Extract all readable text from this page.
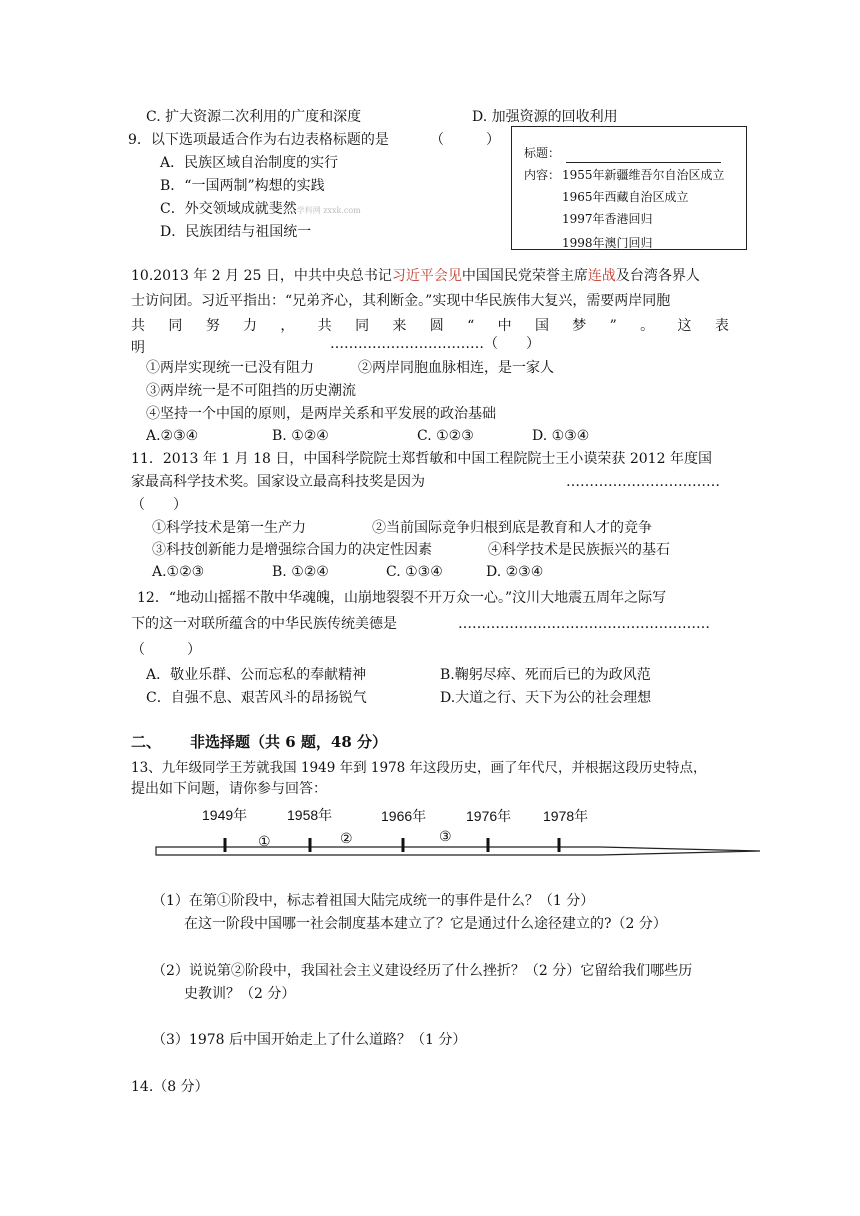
C. 扩大资源二次利用的广度和深度	D. 加强资源的回收利用
9．以下选项最适合作为右边表格标题的是	（　　　）
A．民族区域自治制度的实行
B．“一国两制”构想的实践
C．外交领域成就斐然学科网 zxxk.com
D．民族团结与祖国统一
标题：
内容： 1955年新疆维吾尔自治区成立
1965年西藏自治区成立
1997年香港回归
1998年澳门回归
10.2013 年 2 月 25 日，中共中央总书记习近平会见中国国民党荣誉主席连战及台湾各界人
士访问团。习近平指出：“兄弟齐心，其利断金。”实现中华民族伟大复兴，需要两岸同胞
共 同 努 力 ， 共 同 来 圆 “ 中 国 梦 ” 。 这 表
明	……………………………（　　）
①两岸实现统一已没有阻力	②两岸同胞血脉相连，是一家人
③两岸统一是不可阻挡的历史潮流
④坚持一个中国的原则，是两岸关系和平发展的政治基础
A.②③④	B. ①②④	C. ①②③	D. ①③④
11．2013 年 1 月 18 日，中国科学院院士郑哲敏和中国工程院院士王小谟荣获 2012 年度国
家最高科学技术奖。国家设立最高科技奖是因为	……………………………
（　　）
①科学技术是第一生产力	②当前国际竞争归根到底是教育和人才的竞争
③科技创新能力是增强综合国力的决定性因素	④科学技术是民族振兴的基石
A.①②③	B. ①②④	C. ①③④	D. ②③④
12．“地动山摇摇不散中华魂魄，山崩地裂裂不开万众一心。”汶川大地震五周年之际写
下的这一对联所蕴含的中华民族传统美德是	………………………………………………
（　　　）
A．敬业乐群、公而忘私的奉献精神	B.鞠躬尽瘁、死而后已的为政风范
C．自强不息、艰苦风斗的昂扬锐气	D.大道之行、天下为公的社会理想
二、 非选择题（共 6 题，48 分）
13、九年级同学王芳就我国 1949 年到 1978 年这段历史，画了年代尺，并根据这段历史特点，
提出如下问题，请你参与回答：
1949年	1958年	1966年	1976年 1978年
①	②	③
（1）在第①阶段中，标志着祖国大陆完成统一的事件是什么？（1 分）
在这一阶段中国哪一社会制度基本建立了？它是通过什么途径建立的?（2 分）
（2）说说第②阶段中，我国社会主义建设经历了什么挫折？（2 分）它留给我们哪些历
史教训？（2 分）
（3）1978 后中国开始走上了什么道路？（1 分）
14.（8 分）
